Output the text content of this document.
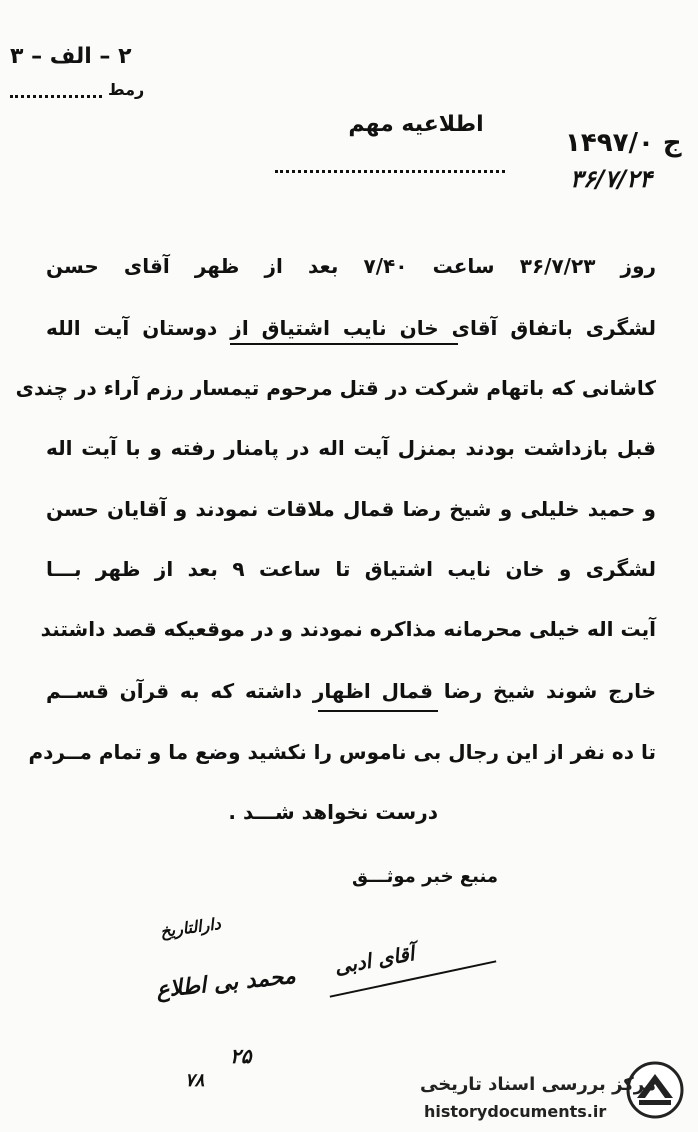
۲ – الف – ۳
رمط
اطلاعیه مهم
ج ۱۴۹۷/۰
۳۶/۷/۲۴
روز ۳۶/۷/۲۳ ساعت ۷/۴۰ بعد از ظهر آقای حسن
لشگری باتفاق آقای خان نایب اشتیاق از دوستان آیت الله
کاشانی که باتهام شرکت در قتل مرحوم تیمسار رزم آراء در چندی
قبل بازداشت بودند بمنزل آیت اله در پامنار رفته و با آیت اله
و حمید خلیلی و شیخ رضا قمال ملاقات نمودند و آقایان حسن
لشگری و خان نایب اشتیاق تا ساعت ۹ بعد از ظهر بـــا
آیت اله خیلی محرمانه مذاکره نمودند و در موقعیکه قصد داشتند
خارج شوند شیخ رضا قمال اظهار داشته که به قرآن قســم
تا ده نفر از این رجال بی ناموس را نکشید وضع ما و تمام مــردم
درست نخواهد شـــد .
منبع خبر موثـــق
دارالتاریخ
محمد بی اطلاع
آقای ادبی
۲۵
۷۸	مرکز بررسی اسناد تاریخی
historydocuments.ir
